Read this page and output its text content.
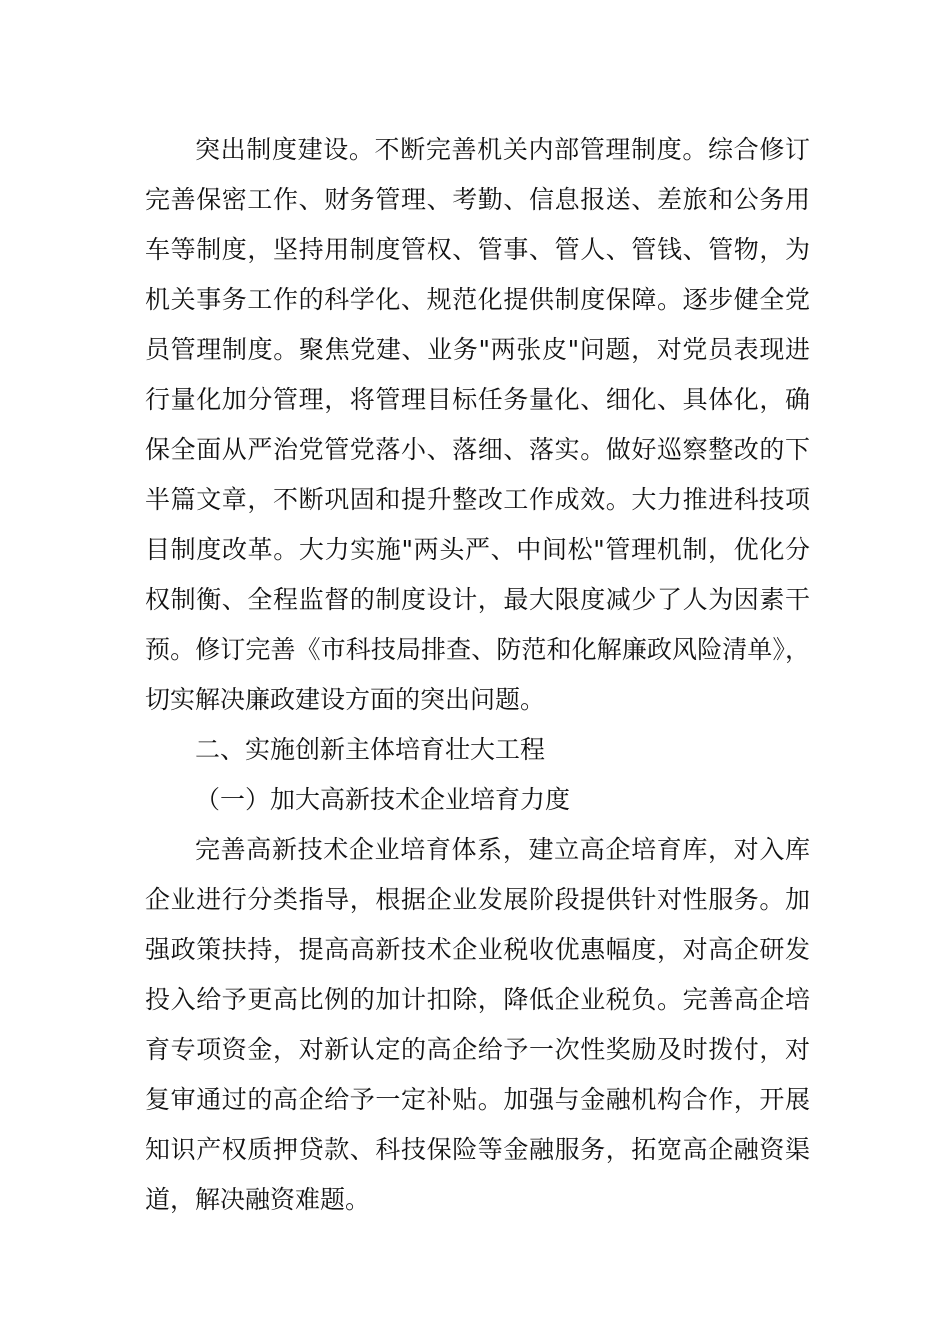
突出制度建设。不断完善机关内部管理制度。综合修订完善保密工作、财务管理、考勤、信息报送、差旅和公务用车等制度，坚持用制度管权、管事、管人、管钱、管物，为机关事务工作的科学化、规范化提供制度保障。逐步健全党员管理制度。聚焦党建、业务"两张皮"问题，对党员表现进行量化加分管理，将管理目标任务量化、细化、具体化，确保全面从严治党管党落小、落细、落实。做好巡察整改的下半篇文章，不断巩固和提升整改工作成效。大力推进科技项目制度改革。大力实施"两头严、中间松"管理机制，优化分权制衡、全程监督的制度设计，最大限度减少了人为因素干预。修订完善《市科技局排查、防范和化解廉政风险清单》，切实解决廉政建设方面的突出问题。

二、实施创新主体培育壮大工程

（一）加大高新技术企业培育力度

完善高新技术企业培育体系，建立高企培育库，对入库企业进行分类指导，根据企业发展阶段提供针对性服务。加强政策扶持，提高高新技术企业税收优惠幅度，对高企研发投入给予更高比例的加计扣除，降低企业税负。完善高企培育专项资金，对新认定的高企给予一次性奖励及时拨付，对复审通过的高企给予一定补贴。加强与金融机构合作，开展知识产权质押贷款、科技保险等金融服务，拓宽高企融资渠道，解决融资难题。
